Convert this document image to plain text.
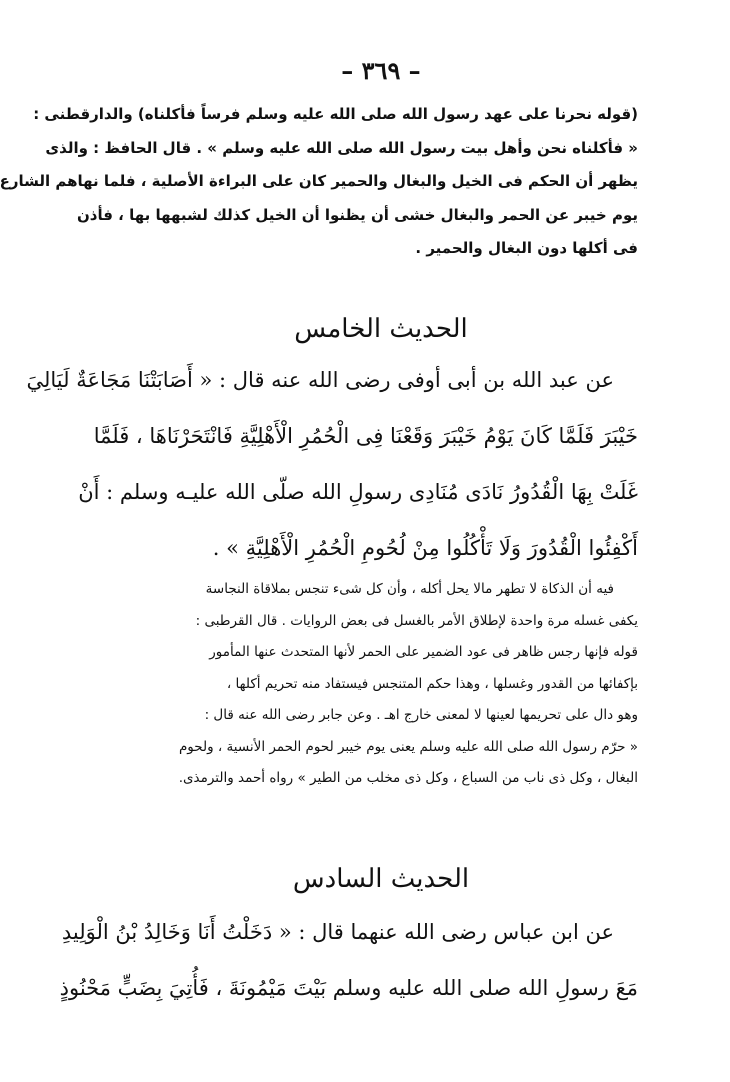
– ٣٦٩ –
(قوله نحرنا على عهد رسول الله صلى الله عليه وسلم فرساً فأكلناه) والدارقطنى :
« فأكلناه نحن وأهل بيت رسول الله صلى الله عليه وسلم » . قال الحافظ : والذى
يظهر أن الحكم فى الخيل والبغال والحمير كان على البراءة الأصلية ، فلما نهاهم الشارع
يوم خيبر عن الحمر والبغال خشى أن يظنوا أن الخيل كذلك لشبهها بها ، فأذن
فى أكلها دون البغال والحمير .
الحديث الخامس
عن عبد الله بن أبى أوفى رضى الله عنه قال : « أَصَابَتْنَا مَجَاعَةٌ لَيَالِيَ
خَيْبَرَ فَلَمَّا كَانَ يَوْمُ خَيْبَرَ وَقَعْنَا فِى الْحُمُرِ الْأَهْلِيَّةِ فَانْتَحَرْنَاهَا ، فَلَمَّا
غَلَتْ بِهَا الْقُدُورُ نَادَى مُنَادِى رسولِ الله صلّى الله عليـه وسلم : أَنْ
أَكْفِئُوا الْقُدُورَ وَلَا تَأْكُلُوا مِنْ لُحُومِ الْحُمُرِ الْأَهْلِيَّةِ » .
فيه أن الذكاة لا تطهر مالا يحل أكله ، وأن كل شىء تنجس بملاقاة النجاسة
يكفى غسله مرة واحدة لإطلاق الأمر بالغسل فى بعض الروايات . قال القرطبى :
قوله فإنها رجس ظاهر فى عود الضمير على الحمر لأنها المتحدث عنها المأمور
بإكفائها من القدور وغسلها ، وهذا حكم المتنجس فيستفاد منه تحريم أكلها ،
وهو دال على تحريمها لعينها لا لمعنى خارج اهـ . وعن جابر رضى الله عنه قال :
« حرّم رسول الله صلى الله عليه وسلم يعنى يوم خيبر لحوم الحمر الأنسية ، ولحوم
البغال ، وكل ذى ناب من السباع ، وكل ذى مخلب من الطير » رواه أحمد والترمذى.
الحديث السادس
عن ابن عباس رضى الله عنهما قال : « دَخَلْتُ أَنَا وَخَالِدُ بْنُ الْوَلِيدِ
مَعَ رسولِ الله صلى الله عليه وسلم بَيْتَ مَيْمُونَةَ ، فَأُتِيَ بِضَبٍّ مَحْنُوذٍ
